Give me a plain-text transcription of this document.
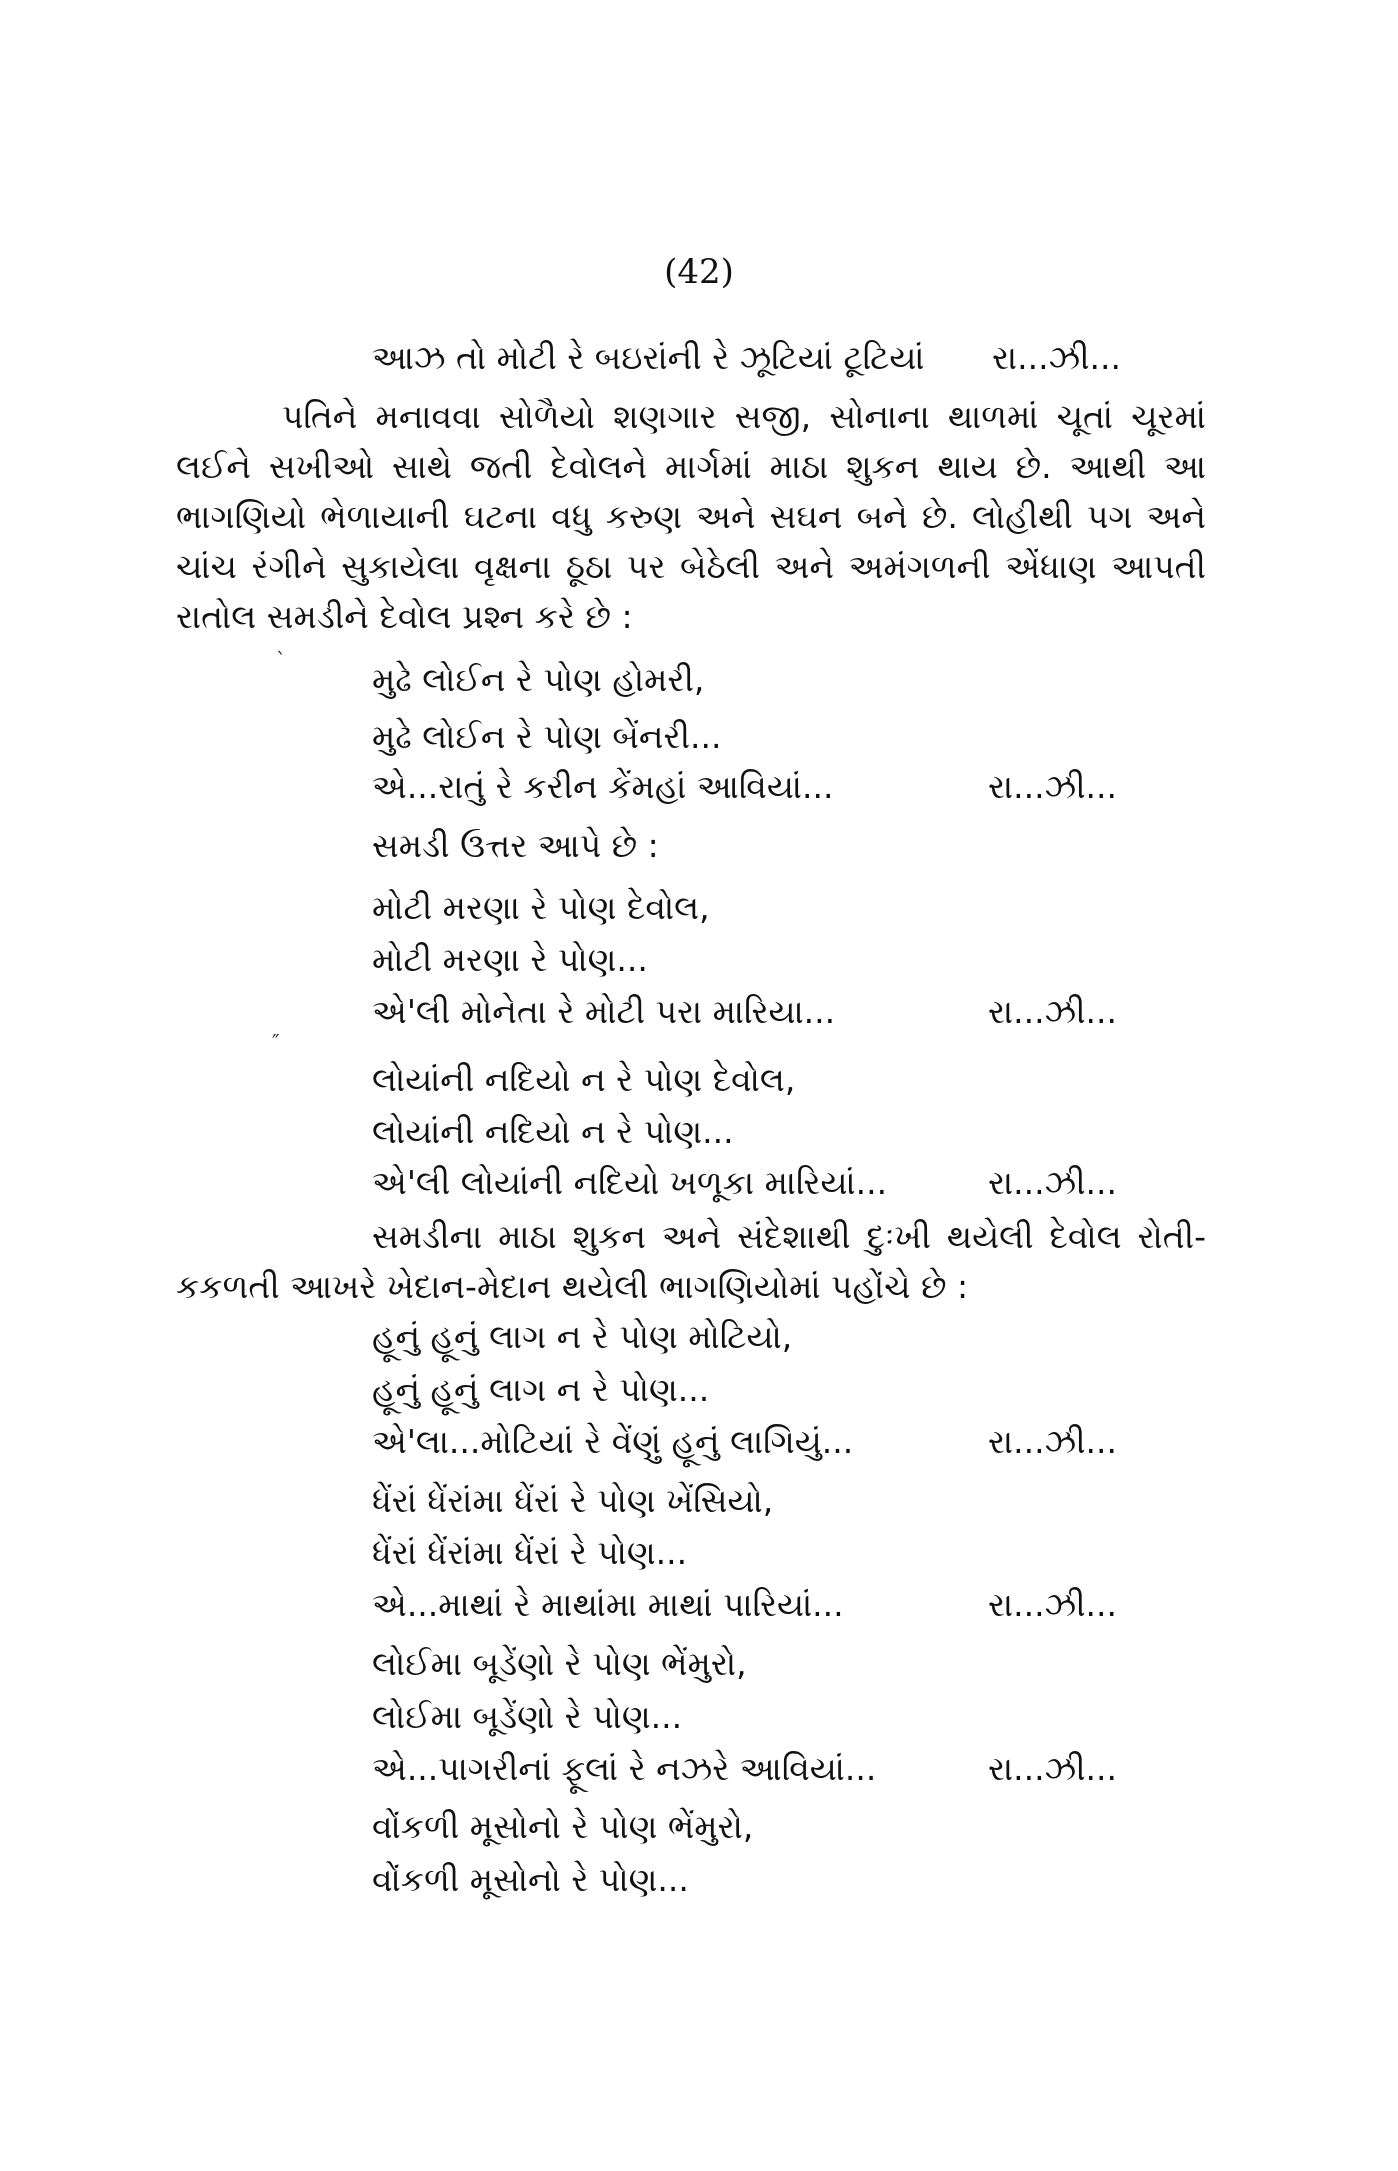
(42)
આઝ તો મોટી રે બઇરાંની રે ઝૂટિયાં ટૂટિયાં રા...ઝી...
પતિને મનાવવા સોળૈયો શણગાર સજી, સોનાના થાળમાં ચૂતાં ચૂરમાં લઈને સખીઓ સાથે જતી દેવોલને માર્ગમાં માઠા શુકન થાય છે. આથી આ ભાગણિયો ભેળાયાની ઘટના વધુ કરુણ અને સઘન બને છે. લોહીથી પગ અને ચાંચ રંગીને સુકાયેલા વૃક્ષના ઠૂઠા પર બેઠેલી અને અમંગળની એંધાણ આપતી રાતોલ સમડીને દેવોલ પ્રશ્ન કરે છે :
ˋ	મુઢે લોઈન રે પોણ હોમરી,
મુઢે લોઈન રે પોણ બેંનરી...
એ...રાતું રે કરીન કેંમહાં આવિયાં...	રા...ઝી...
સમડી ઉત્તર આપે છે :
મોટી મરણા રે પોણ દેવોલ,
મોટી મરણા રે પોણ...
એ'લી મોનેતા રે મોટી પરા મારિયા...	રા...ઝી...
″
લોયાંની નદિયો ન રે પોણ દેવોલ,
લોયાંની નદિયો ન રે પોણ...
એ'લી લોયાંની નદિયો ખળૂકા મારિયાં...	રા...ઝી...
સમડીના માઠા શુકન અને સંદેશાથી દુઃખી થયેલી દેવોલ રોતી-કકળતી આખરે ખેદાન-મેદાન થયેલી ભાગણિયોમાં પહોંચે છે :
હૂનું હૂનું લાગ ન રે પોણ મોટિયો,
હૂનું હૂનું લાગ ન રે પોણ...
એ'લા...મોટિયાં રે વેંણું હૂનું લાગિયું...	રા...ઝી...
ધેંરાં ધેંરાંમા ધેંરાં રે પોણ ખેંસિયો,
ધેંરાં ધેંરાંમા ધેંરાં રે પોણ...
એ...માથાં રે માથાંમા માથાં પારિયાં...	રા...ઝી...
લોઈમા બૂડેંણો રે પોણ ભેંમુરો,
લોઈમા બૂડેંણો રે પોણ...
એ...પાગરીનાં ફૂલાં રે નઝરે આવિયાં...	રા...ઝી...
વોંકળી મૂસોનો રે પોણ ભેંમુરો,
વોંકળી મૂસોનો રે પોણ...
